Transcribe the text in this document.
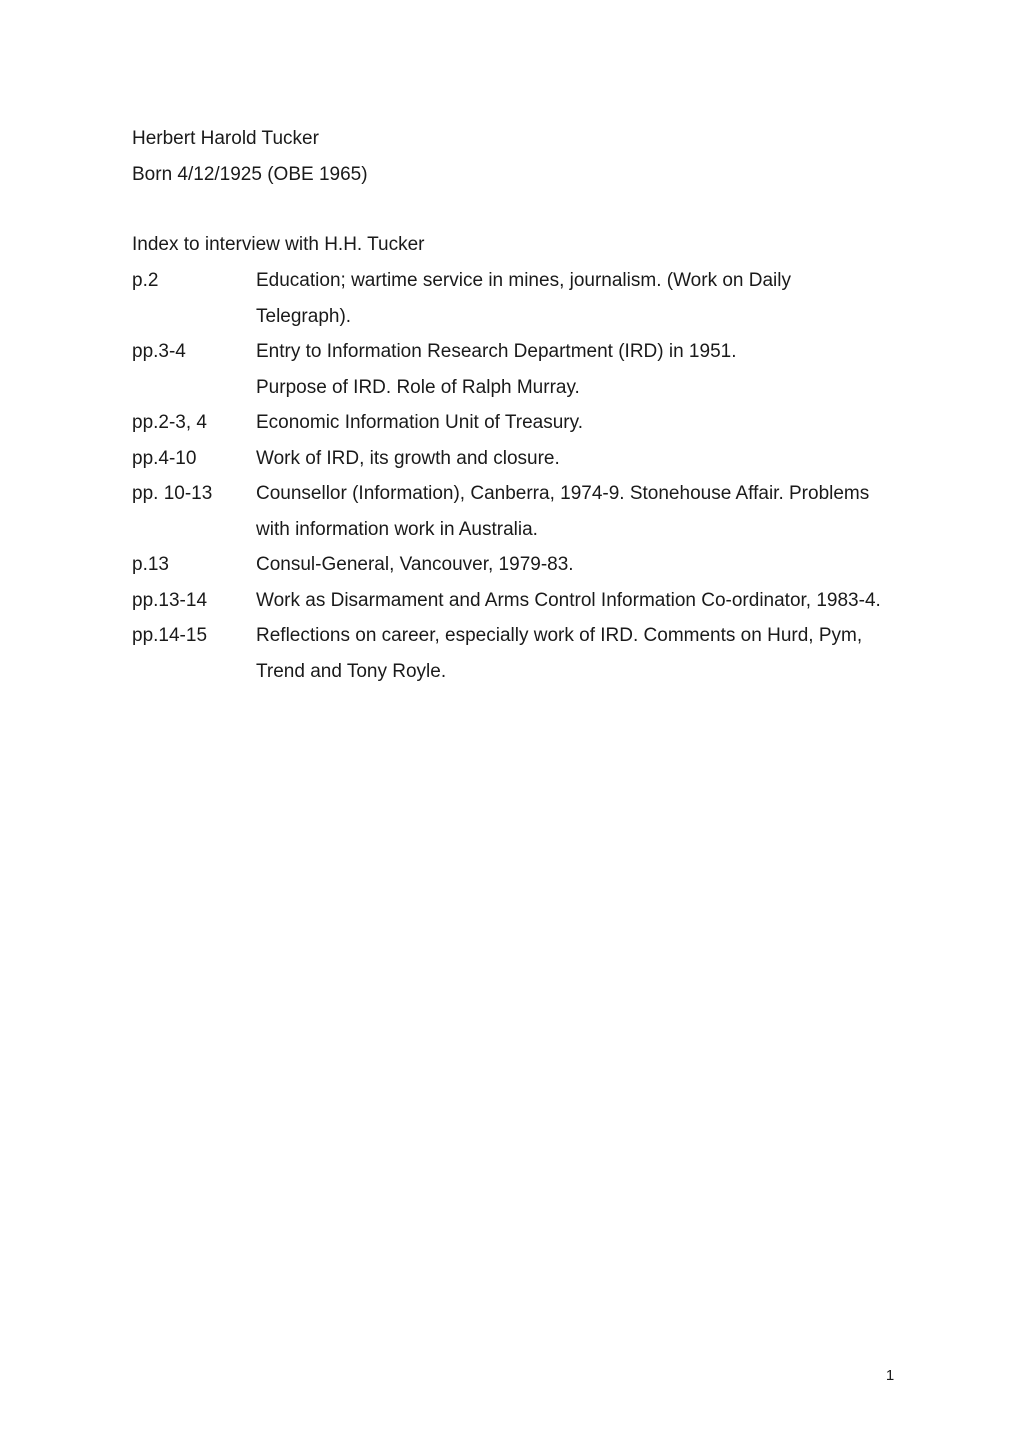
Herbert Harold Tucker
Born 4/12/1925 (OBE 1965)
Index to interview with H.H. Tucker
p.2	Education; wartime service in mines, journalism. (Work on Daily
Telegraph).
pp.3-4	Entry to Information Research Department (IRD) in 1951.
Purpose of IRD. Role of Ralph Murray.
pp.2-3, 4	Economic Information Unit of Treasury.
pp.4-10	Work of IRD, its growth and closure.
pp. 10-13	Counsellor (Information), Canberra, 1974-9. Stonehouse Affair. Problems
with information work in Australia.
p.13	Consul-General, Vancouver, 1979-83.
pp.13-14	Work as Disarmament and Arms Control Information Co-ordinator, 1983-4.
pp.14-15	Reflections on career, especially work of IRD. Comments on Hurd, Pym,
Trend and Tony Royle.
1
